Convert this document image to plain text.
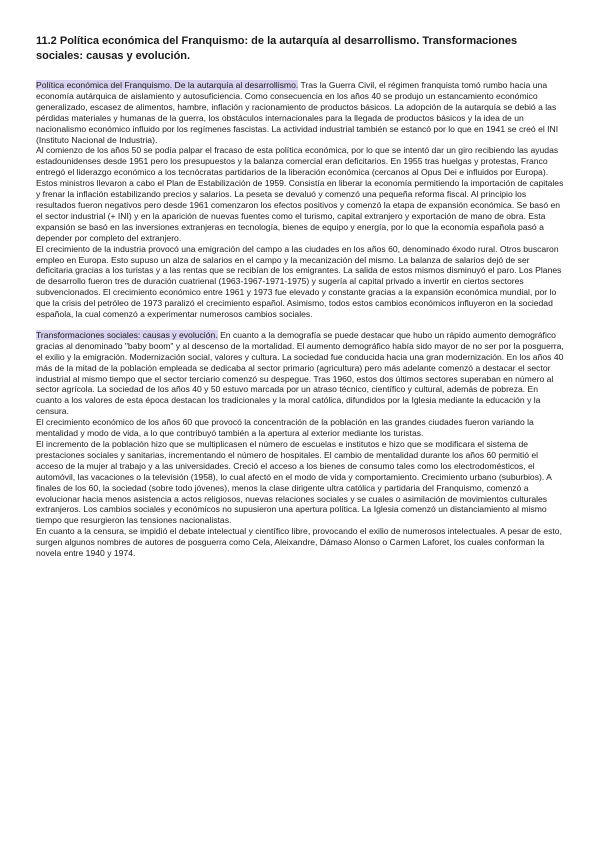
11.2 Política económica del Franquismo: de la autarquía al desarrollismo. Transformaciones sociales: causas y evolución.

Política económica del Franquismo. De la autarquía al desarrollismo. Tras la Guerra Civil, el régimen franquista tomó rumbo hacia una economía autárquica de aislamiento y autosuficiencia. Como consecuencia en los años 40 se produjo un estancamiento económico generalizado, escasez de alimentos, hambre, inflación y racionamiento de productos básicos. La adopción de la autarquía se debió a las pérdidas materiales y humanas de la guerra, los obstáculos internacionales para la llegada de productos básicos y la idea de un nacionalismo económico influido por los regímenes fascistas. La actividad industrial también se estancó por lo que en 1941 se creó el INI (Instituto Nacional de Industria).

Al comienzo de los años 50 se podía palpar el fracaso de esta política económica, por lo que se intentó dar un giro recibiendo las ayudas estadounidenses desde 1951 pero los presupuestos y la balanza comercial eran deficitarios. En 1955 tras huelgas y protestas, Franco entregó el liderazgo económico a los tecnócratas partidarios de la liberación económica (cercanos al Opus Dei e influidos por Europa). Estos ministros llevaron a cabo el Plan de Estabilización de 1959. Consistía en liberar la economía permitiendo la importación de capitales y frenar la inflación estabilizando precios y salarios. La peseta se devaluó y comenzó una pequeña reforma fiscal. Al principio los resultados fueron negativos pero desde 1961 comenzaron los efectos positivos y comenzó la etapa de expansión económica. Se basó en el sector industrial (+ INI) y en la aparición de nuevas fuentes como el turismo, capital extranjero y exportación de mano de obra. Esta expansión se basó en las inversiones extranjeras en tecnología, bienes de equipo y energía, por lo que la economía española pasó a depender por completo del extranjero.

El crecimiento de la industria provocó una emigración del campo a las ciudades en los años 60, denominado éxodo rural. Otros buscaron empleo en Europa. Esto supuso un alza de salarios en el campo y la mecanización del mismo. La balanza de salarios dejó de ser deficitaria gracias a los turistas y a las rentas que se recibían de los emigrantes. La salida de estos mismos disminuyó el paro. Los Planes de desarrollo fueron tres de duración cuatrienal (1963-1967-1971-1975) y sugería al capital privado a invertir en ciertos sectores subvencionados. El crecimiento económico entre 1961 y 1973 fue elevado y constante gracias a la expansión económica mundial, por lo que la crisis del petróleo de 1973 paralizó el crecimiento español. Asimismo, todos estos cambios económicos influyeron en la sociedad española, la cual comenzó a experimentar numerosos cambios sociales.

Transformaciones sociales: causas y evolución. En cuanto a la demografía se puede destacar que hubo un rápido aumento demográfico gracias al denominado "baby boom" y al descenso de la mortalidad. El aumento demográfico había sido mayor de no ser por la posguerra, el exilio y la emigración. Modernización social, valores y cultura. La sociedad fue conducida hacia una gran modernización. En los años 40 más de la mitad de la población empleada se dedicaba al sector primario (agricultura) pero más adelante comenzó a destacar el sector industrial al mismo tiempo que el sector terciario comenzó su despegue. Tras 1960, estos dos últimos sectores superaban en número al sector agrícola. La sociedad de los años 40 y 50 estuvo marcada por un atraso técnico, científico y cultural, además de pobreza. En cuanto a los valores de esta época destacan los tradicionales y la moral católica, difundidos por la Iglesia mediante la educación y la censura.

El crecimiento económico de los años 60 que provocó la concentración de la población en las grandes ciudades fueron variando la mentalidad y modo de vida, a lo que contribuyó también a la apertura al exterior mediante los turistas.

El incremento de la población hizo que se multiplicasen el número de escuelas e institutos e hizo que se modificara el sistema de prestaciones sociales y sanitarias, incrementando el número de hospitales. El cambio de mentalidad durante los años 60 permitió el acceso de la mujer al trabajo y a las universidades. Creció el acceso a los bienes de consumo tales como los electrodomésticos, el automóvil, las vacaciones o la televisión (1958), lo cual afectó en el modo de vida y comportamiento. Crecimiento urbano (suburbios). A finales de los 60, la sociedad (sobre todo jóvenes), menos la clase dirigente ultra católica y partidaria del Franquismo, comenzó a evolucionar hacia menos asistencia a actos religiosos, nuevas relaciones sociales y se cuales o asimilación de movimientos culturales extranjeros. Los cambios sociales y económicos no supusieron una apertura política. La Iglesia comenzó un distanciamiento al mismo tiempo que resurgieron las tensiones nacionalistas.

En cuanto a la censura, se impidió el debate intelectual y científico libre, provocando el exilio de numerosos intelectuales. A pesar de esto, surgen algunos nombres de autores de posguerra como Cela, Aleixandre, Dámaso Alonso o Carmen Laforet, los cuales conforman la novela entre 1940 y 1974.
